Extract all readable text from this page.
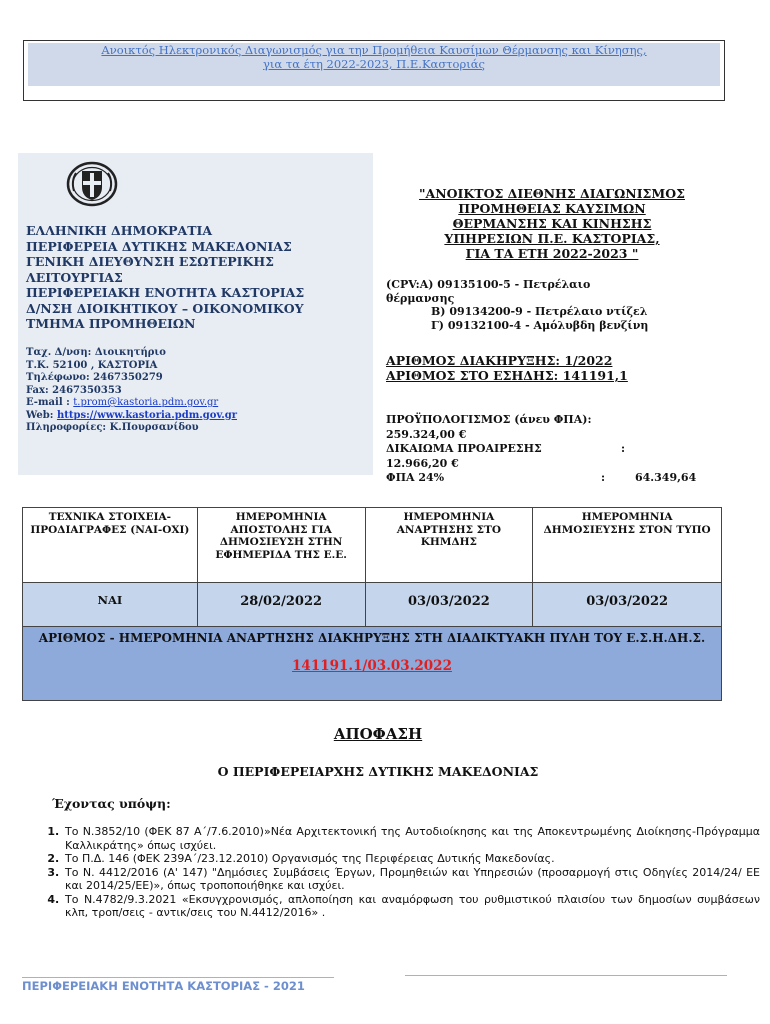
Ανοικτός Ηλεκτρονικός Διαγωνισμός για την Προμήθεια Καυσίμων Θέρμανσης και Κίνησης,
για τα έτη 2022-2023, Π.Ε.Καστοριάς
ΕΛΛΗΝΙΚΗ ΔΗΜΟΚΡΑΤΙΑ
ΠΕΡΙΦΕΡΕΙΑ ΔΥΤΙΚΗΣ ΜΑΚΕΔΟΝΙΑΣ
ΓΕΝΙΚΗ ΔΙΕΥΘΥΝΣΗ ΕΣΩΤΕΡΙΚΗΣ ΛΕΙΤΟΥΡΓΙΑΣ
ΠΕΡΙΦΕΡΕΙΑΚΗ ΕΝΟΤΗΤΑ ΚΑΣΤΟΡΙΑΣ
Δ/ΝΣΗ ΔΙΟΙΚΗΤΙΚΟΥ – ΟΙΚΟΝΟΜΙΚΟΥ
ΤΜΗΜΑ ΠΡΟΜΗΘΕΙΩΝ
Ταχ. Δ/νση: Διοικητήριο
Τ.Κ. 52100 , ΚΑΣΤΟΡΙΑ
Τηλέφωνο: 2467350279
Fax: 2467350353
E-mail : t.prom@kastoria.pdm.gov.gr
Web: https://www.kastoria.pdm.gov.gr
Πληροφορίες: Κ.Πουρσανίδου
"ΑΝΟΙΚΤΟΣ ΔΙΕΘΝΗΣ ΔΙΑΓΩΝΙΣΜΟΣ
ΠΡΟΜΗΘΕΙΑΣ ΚΑΥΣΙΜΩΝ
ΘΕΡΜΑΝΣΗΣ ΚΑΙ ΚΙΝΗΣΗΣ
ΥΠΗΡΕΣΙΩΝ Π.Ε. ΚΑΣΤΟΡΙΑΣ,
ΓΙΑ ΤΑ ΕΤΗ 2022-2023 "
(CPV:A) 09135100-5 - Πετρέλαιο θέρμανσης
B) 09134200-9 - Πετρέλαιο ντίζελ
Γ) 09132100-4 - Αμόλυβδη βενζίνη
ΑΡΙΘΜΟΣ ΔΙΑΚΗΡΥΞΗΣ: 1/2022
ΑΡΙΘΜΟΣ ΣΤΟ ΕΣΗΔΗΣ: 141191,1
ΠΡΟΫΠΟΛΟΓΙΣΜΟΣ (άνευ ΦΠΑ):
259.324,00 €
ΔΙΚΑΙΩΜΑ ΠΡΟΑΙΡΕΣΗΣ	:
12.966,20 €
ΦΠΑ 24%	:	64.349,64
ΤΕΧΝΙΚΑ ΣΤΟΙΧΕΙΑ-ΠΡΟΔΙΑΓΡΑΦΕΣ (ΝΑΙ-ΟΧΙ)	ΗΜΕΡΟΜΗΝΙΑ ΑΠΟΣΤΟΛΗΣ ΓΙΑ ΔΗΜΟΣΙΕΥΣΗ ΣΤΗΝ ΕΦΗΜΕΡΙΔΑ ΤΗΣ Ε.Ε.	ΗΜΕΡΟΜΗΝΙΑ ΑΝΑΡΤΗΣΗΣ ΣΤΟ ΚΗΜΔΗΣ	ΗΜΕΡΟΜΗΝΙΑ ΔΗΜΟΣΙΕΥΣΗΣ ΣΤΟΝ ΤΥΠΟ
ΝΑΙ	28/02/2022	03/03/2022	03/03/2022

ΑΡΙΘΜΟΣ - ΗΜΕΡΟΜΗΝΙΑ ΑΝΑΡΤΗΣΗΣ ΔΙΑΚΗΡΥΞΗΣ ΣΤΗ ΔΙΑΔΙΚΤΥΑΚΗ ΠΥΛΗ ΤΟΥ Ε.Σ.Η.ΔΗ.Σ.
141191.1/03.03.2022			
ΑΠΟΦΑΣΗ
Ο ΠΕΡΙΦΕΡΕΙΑΡΧΗΣ ΔΥΤΙΚΗΣ ΜΑΚΕΔΟΝΙΑΣ
Έχοντας υπόψη:
1. Το Ν.3852/10 (ΦΕΚ 87 Α΄/7.6.2010)»Νέα Αρχιτεκτονική της Αυτοδιοίκησης και της Αποκεντρωμένης Διοίκησης-Πρόγραμμα Καλλικράτης» όπως ισχύει.
2. Το Π.Δ. 146 (ΦΕΚ 239Α΄/23.12.2010) Οργανισμός της Περιφέρειας Δυτικής Μακεδονίας.
3. Το Ν. 4412/2016 (Α' 147) "Δημόσιες Συμβάσεις Έργων, Προμηθειών και Υπηρεσιών (προσαρμογή στις Οδηγίες 2014/24/ ΕΕ και 2014/25/ΕΕ)», όπως τροποποιήθηκε και ισχύει.
4. Το Ν.4782/9.3.2021 «Εκσυγχρονισμός, απλοποίηση και αναμόρφωση του ρυθμιστικού πλαισίου των δημοσίων συμβάσεων κλπ, τροπ/σεις - αντικ/σεις του Ν.4412/2016» .
ΠΕΡΙΦΕΡΕΙΑΚΗ ΕΝΟΤΗΤΑ ΚΑΣΤΟΡΙΑΣ - 2021
